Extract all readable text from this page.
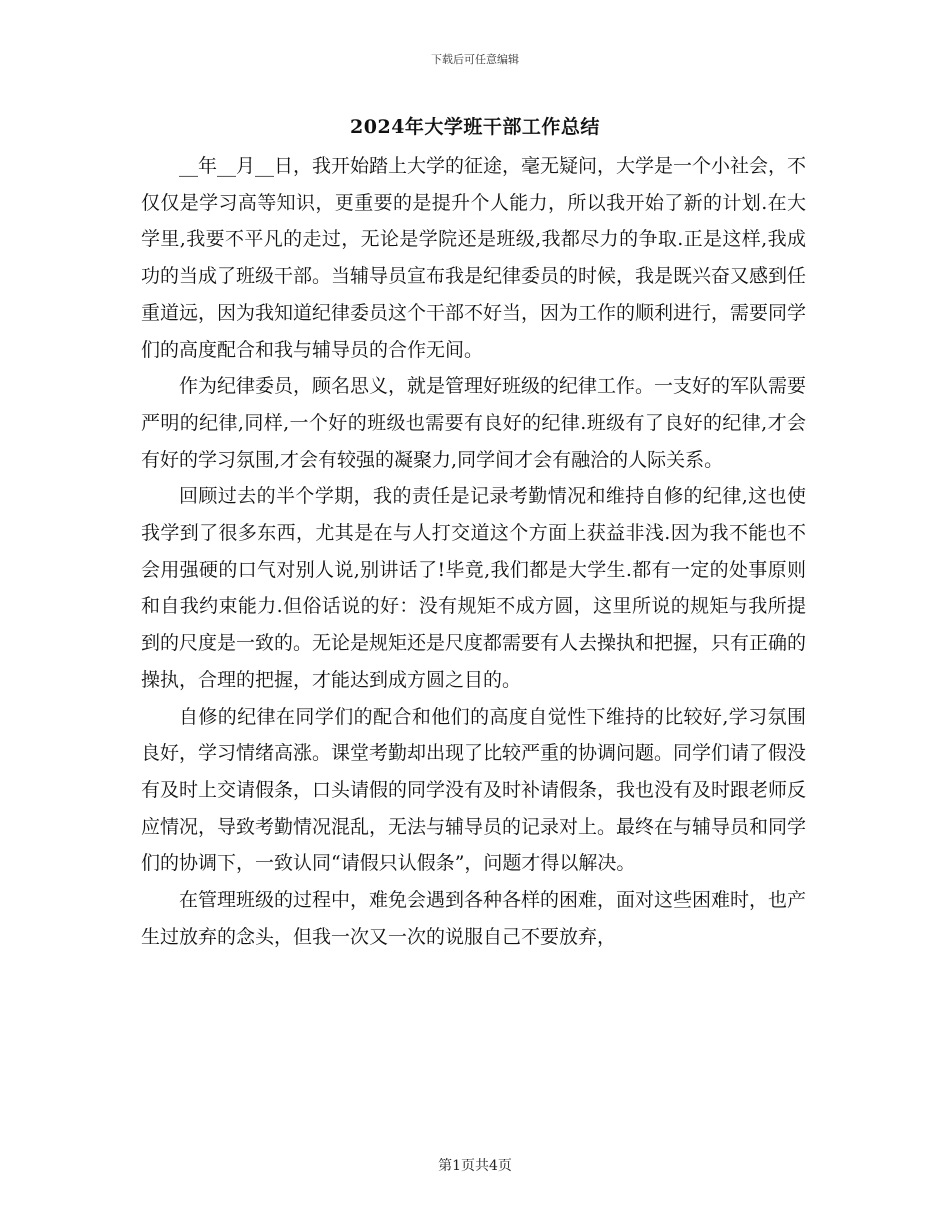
下载后可任意编辑
2024年大学班干部工作总结

__年__月__日，我开始踏上大学的征途，毫无疑问，大学是一个小社会，不仅仅是学习高等知识，更重要的是提升个人能力，所以我开始了新的计划.在大学里,我要不平凡的走过，无论是学院还是班级,我都尽力的争取.正是这样,我成功的当成了班级干部。当辅导员宣布我是纪律委员的时候，我是既兴奋又感到任重道远，因为我知道纪律委员这个干部不好当，因为工作的顺利进行，需要同学们的高度配合和我与辅导员的合作无间。

作为纪律委员，顾名思义，就是管理好班级的纪律工作。一支好的军队需要严明的纪律,同样,一个好的班级也需要有良好的纪律.班级有了良好的纪律,才会有好的学习氛围,才会有较强的凝聚力,同学间才会有融洽的人际关系。

回顾过去的半个学期，我的责任是记录考勤情况和维持自修的纪律,这也使我学到了很多东西，尤其是在与人打交道这个方面上获益非浅.因为我不能也不会用强硬的口气对别人说,别讲话了!毕竟,我们都是大学生.都有一定的处事原则和自我约束能力.但俗话说的好：没有规矩不成方圆，这里所说的规矩与我所提到的尺度是一致的。无论是规矩还是尺度都需要有人去操执和把握，只有正确的操执，合理的把握，才能达到成方圆之目的。

自修的纪律在同学们的配合和他们的高度自觉性下维持的比较好,学习氛围良好，学习情绪高涨。课堂考勤却出现了比较严重的协调问题。同学们请了假没有及时上交请假条，口头请假的同学没有及时补请假条，我也没有及时跟老师反应情况，导致考勤情况混乱，无法与辅导员的记录对上。最终在与辅导员和同学们的协调下，一致认同“请假只认假条”，问题才得以解决。

在管理班级的过程中，难免会遇到各种各样的困难，面对这些困难时，也产生过放弃的念头，但我一次又一次的说服自己不要放弃，

第1页共4页
